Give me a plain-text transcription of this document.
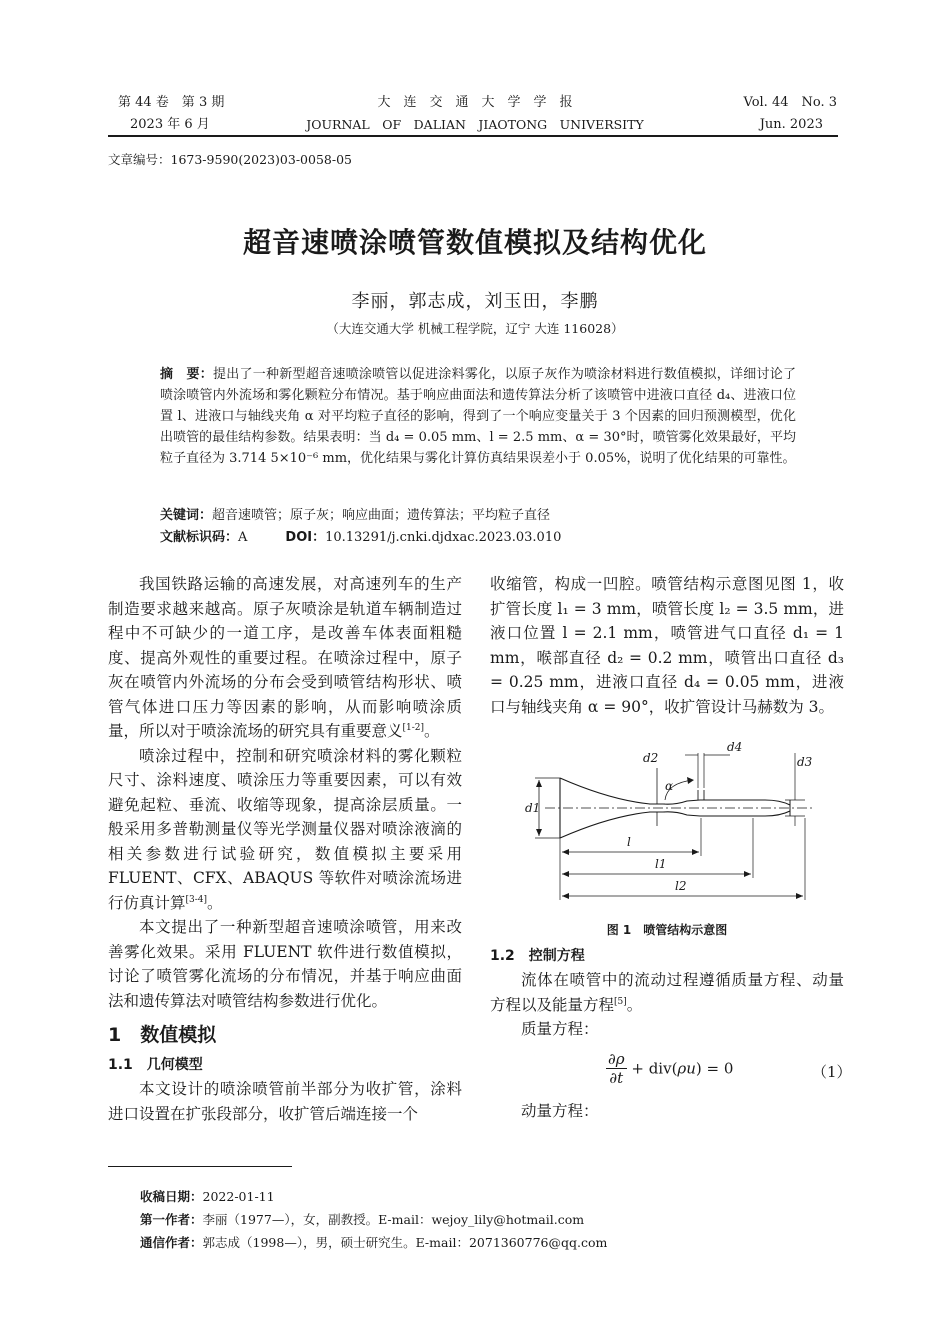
第 44 卷　第 3 期
2023 年 6 月
大　连　交　通　大　学　学　报
JOURNAL　OF　DALIAN　JIAOTONG　UNIVERSITY
Vol. 44　No. 3
Jun. 2023
文章编号：1673-9590(2023)03-0058-05
超音速喷涂喷管数值模拟及结构优化
李丽，郭志成，刘玉田，李鹏
（大连交通大学 机械工程学院，辽宁 大连 116028）
摘　要：提出了一种新型超音速喷涂喷管以促进涂料雾化，以原子灰作为喷涂材料进行数值模拟，详细讨论了喷涂喷管内外流场和雾化颗粒分布情况。基于响应曲面法和遗传算法分析了该喷管中进液口直径 d₄、进液口位置 l、进液口与轴线夹角 α 对平均粒子直径的影响，得到了一个响应变量关于 3 个因素的回归预测模型，优化出喷管的最佳结构参数。结果表明：当 d₄ = 0.05 mm、l = 2.5 mm、α = 30°时，喷管雾化效果最好，平均粒子直径为 3.714 5×10⁻⁶ mm，优化结果与雾化计算仿真结果误差小于 0.05%，说明了优化结果的可靠性。
关键词：超音速喷管；原子灰；响应曲面；遗传算法；平均粒子直径
文献标识码：A	DOI：10.13291/j.cnki.djdxac.2023.03.010

我国铁路运输的高速发展，对高速列车的生产制造要求越来越高。原子灰喷涂是轨道车辆制造过程中不可缺少的一道工序，是改善车体表面粗糙度、提高外观性的重要过程。在喷涂过程中，原子灰在喷管内外流场的分布会受到喷管结构形状、喷管气体进口压力等因素的影响，从而影响喷涂质量，所以对于喷涂流场的研究具有重要意义[1-2]。

喷涂过程中，控制和研究喷涂材料的雾化颗粒尺寸、涂料速度、喷涂压力等重要因素，可以有效避免起粒、垂流、收缩等现象，提高涂层质量。一般采用多普勒测量仪等光学测量仪器对喷涂液滴的相关参数进行试验研究，数值模拟主要采用 FLUENT、CFX、ABAQUS 等软件对喷涂流场进行仿真计算[3-4]。

本文提出了一种新型超音速喷涂喷管，用来改善雾化效果。采用 FLUENT 软件进行数值模拟，讨论了喷管雾化流场的分布情况，并基于响应曲面法和遗传算法对喷管结构参数进行优化。

1　数值模拟
1.1　几何模型

本文设计的喷涂喷管前半部分为收扩管，涂料进口设置在扩张段部分，收扩管后端连接一个

收缩管，构成一凹腔。喷管结构示意图见图 1，收扩管长度 l₁ = 3 mm，喷管长度 l₂ = 3.5 mm，进液口位置 l = 2.1 mm，喷管进气口直径 d₁ = 1 mm，喉部直径 d₂ = 0.2 mm，喷管出口直径 d₃ = 0.25 mm，进液口直径 d₄ = 0.05 mm，进液口与轴线夹角 α = 90°，收扩管设计马赫数为 3。

d1
d2	d3
d4
α
l
l1
l2
图 1　喷管结构示意图
1.2　控制方程

流体在喷管中的流动过程遵循质量方程、动量方程以及能量方程[5]。

质量方程：

$\frac{\partial\rho}{\partial t} + div(\rho u) = 0$	（1）
动量方程：
收稿日期：2022-01-11
第一作者：李丽（1977—），女，副教授。E-mail：wejoy_lily@hotmail.com
通信作者：郭志成（1998—），男，硕士研究生。E-mail：2071360776@qq.com
